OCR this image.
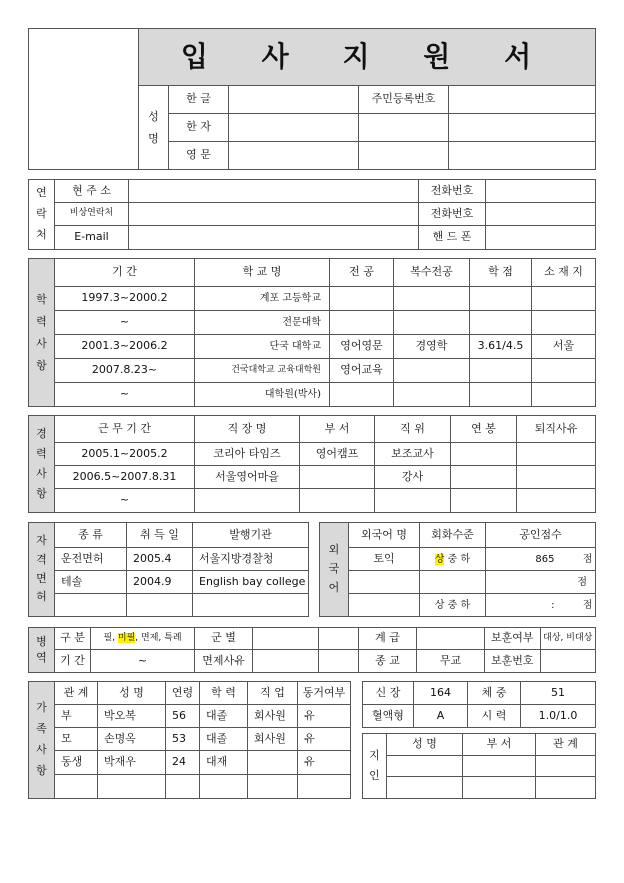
	입 사 지 원 서				

	성 명	한 글		주민등록번호	
		한 자			
		영 문			
연 락 처	현 주 소		전화번호	
	비상연락처		전화번호	
	E-mail		핸 드 폰	
학 력 사 항	기 간	학 교 명	전 공	복수전공	학 점	소 재 지
	1997.3~2000.2	계포 고등학교				
	~	전문대학				
	2001.3~2006.2	단국 대학교	영어영문	경영학	3.61/4.5	서울
	2007.8.23~	건국대학교 교육대학원	영어교육			
	~	대학원(박사)				
경 력 사 항	근 무 기 간	직 장 명	부 서	직 위	연 봉	퇴직사유
	2005.1~2005.2	코리아 타임즈	영어캠프	보조교사		
	2006.5~2007.8.31	서울영어마을		강사		
	~					
자 격 면 허	종 류	취 득 일	발행기관
	운전면허	2005.4	서울지방경찰청
	테솔	2004.9	English bay college

외 국 어	외국어 명	회화수준	공인점수
	토익	상 중 하	865 점
			점
		상 중 하	: 점
병 역	구 분	필, 미필, 면제, 특례	군 별			계 급		보훈여부 대상, 비대상

	기 간	~	면제사유			종 교	무교	보훈번호
가 족 사 항	관 계	성 명	연령	학 력	직 업	동거여부
	부	박오복	56	대졸	회사원	유
	모	손명옥	53	대졸	회사원	유
	동생	박재우	24	대재		유

신 장	164	체 중	51
혈액형	A	시 력	1.0/1.0
지 인	성 명	부 서	관 계
